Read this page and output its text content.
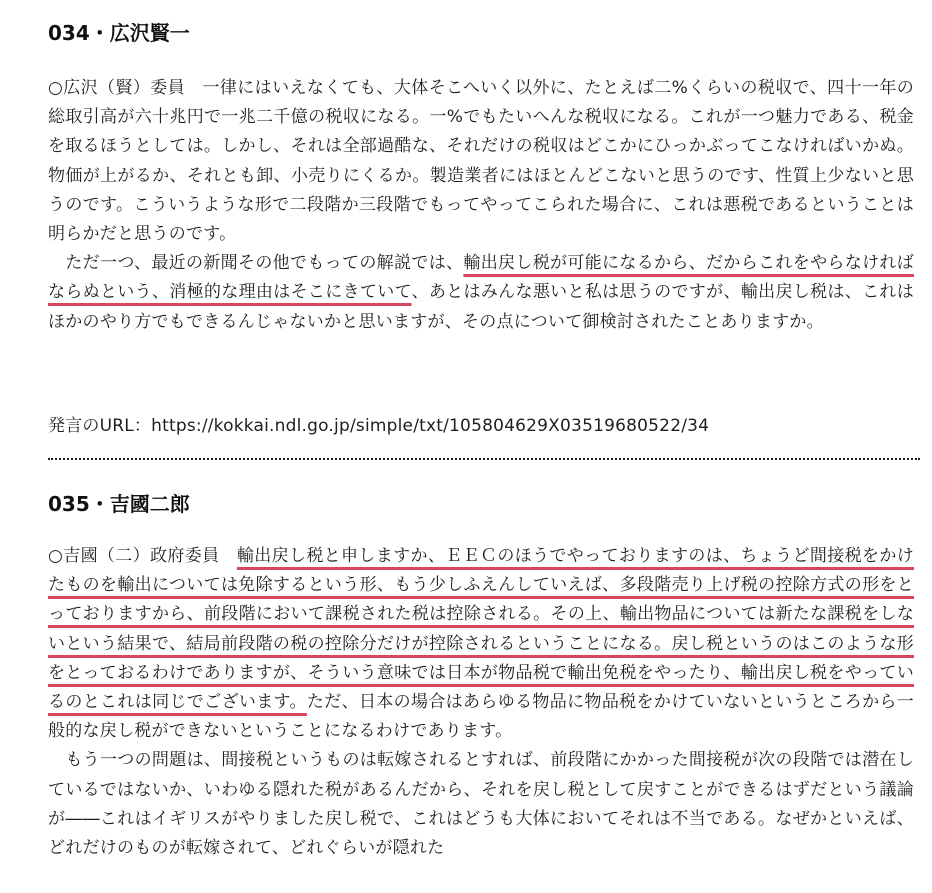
034・広沢賢一

○広沢（賢）委員　一律にはいえなくても、大体そこへいく以外に、たとえば二%くらいの税収で、四十一年の総取引高が六十兆円で一兆二千億の税収になる。一%でもたいへんな税収になる。これが一つ魅力である、税金を取るほうとしては。しかし、それは全部過酷な、それだけの税収はどこかにひっかぶってこなければいかぬ。物価が上がるか、それとも卸、小売りにくるか。製造業者にはほとんどこないと思うのです、性質上少ないと思うのです。こういうような形で二段階か三段階でもってやってこられた場合に、これは悪税であるということは明らかだと思うのです。

　ただ一つ、最近の新聞その他でもっての解説では、輸出戻し税が可能になるから、だからこれをやらなければならぬという、消極的な理由はそこにきていて、あとはみんな悪いと私は思うのですが、輸出戻し税は、これはほかのやり方でもできるんじゃないかと思いますが、その点について御検討されたことありますか。

発言のURL：https://kokkai.ndl.go.jp/simple/txt/105804629X03519680522/34
035・吉國二郎

○吉國（二）政府委員　輸出戻し税と申しますか、ＥＥＣのほうでやっておりますのは、ちょうど間接税をかけたものを輸出については免除するという形、もう少しふえんしていえば、多段階売り上げ税の控除方式の形をとっておりますから、前段階において課税された税は控除される。その上、輸出物品については新たな課税をしないという結果で、結局前段階の税の控除分だけが控除されるということになる。戻し税というのはこのような形をとっておるわけでありますが、そういう意味では日本が物品税で輸出免税をやったり、輸出戻し税をやっているのとこれは同じでございます。ただ、日本の場合はあらゆる物品に物品税をかけていないというところから一般的な戻し税ができないということになるわけであります。

　もう一つの問題は、間接税というものは転嫁されるとすれば、前段階にかかった間接税が次の段階では潜在しているではないか、いわゆる隠れた税があるんだから、それを戻し税として戻すことができるはずだという議論が――これはイギリスがやりました戻し税で、これはどうも大体においてそれは不当である。なぜかといえば、どれだけのものが転嫁されて、どれぐらいが隠れた
